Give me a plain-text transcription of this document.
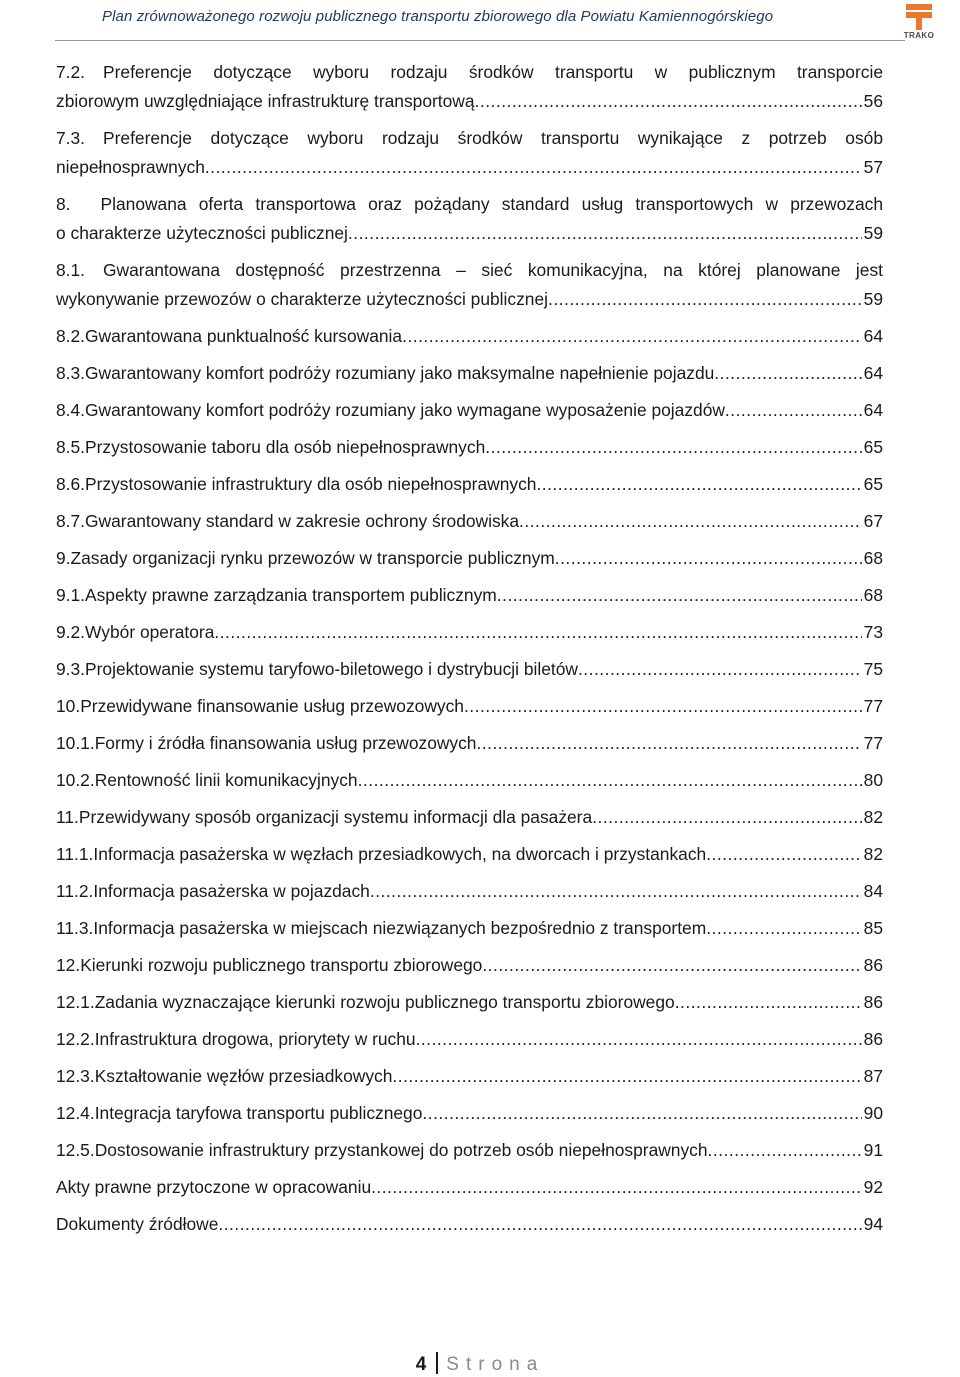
Plan zrównoważonego rozwoju publicznego transportu zbiorowego dla Powiatu Kamiennogórskiego
TRAKO
7.2. Preferencje dotyczące wyboru rodzaju środków transportu w publicznym transporcie
zbiorowym uwzględniające infrastrukturę transportową .....	56
7.3. Preferencje dotyczące wyboru rodzaju środków transportu wynikające z potrzeb osób
niepełnosprawnych .....	57
8. Planowana oferta transportowa oraz pożądany standard usług transportowych w przewozach
o charakterze użyteczności publicznej .....	59
8.1. Gwarantowana dostępność przestrzenna – sieć komunikacyjna, na której planowane jest
wykonywanie przewozów o charakterze użyteczności publicznej .....	59
8.2. Gwarantowana punktualność kursowania .....	64
8.3. Gwarantowany komfort podróży rozumiany jako maksymalne napełnienie pojazdu .....	64
8.4. Gwarantowany komfort podróży rozumiany jako wymagane wyposażenie pojazdów .....	64
8.5. Przystosowanie taboru dla osób niepełnosprawnych .....	65
8.6. Przystosowanie infrastruktury dla osób niepełnosprawnych .....	65
8.7. Gwarantowany standard w zakresie ochrony środowiska .....	67
9. Zasady organizacji rynku przewozów w transporcie publicznym .....	68
9.1. Aspekty prawne zarządzania transportem publicznym .....	68
9.2. Wybór operatora .....	73
9.3. Projektowanie systemu taryfowo-biletowego i dystrybucji biletów .....	75
10. Przewidywane finansowanie usług przewozowych .....	77
10.1. Formy i źródła finansowania usług przewozowych .....	77
10.2. Rentowność linii komunikacyjnych .....	80
11. Przewidywany sposób organizacji systemu informacji dla pasażera .....	82
11.1. Informacja pasażerska w węzłach przesiadkowych, na dworcach i przystankach .....	82
11.2. Informacja pasażerska w pojazdach .....	84
11.3. Informacja pasażerska w miejscach niezwiązanych bezpośrednio z transportem .....	85
12. Kierunki rozwoju publicznego transportu zbiorowego .....	86
12.1. Zadania wyznaczające kierunki rozwoju publicznego transportu zbiorowego .....	86
12.2. Infrastruktura drogowa, priorytety w ruchu .....	86
12.3. Kształtowanie węzłów przesiadkowych .....	87
12.4. Integracja taryfowa transportu publicznego .....	90
12.5. Dostosowanie infrastruktury przystankowej do potrzeb osób niepełnosprawnych .....	91
Akty prawne przytoczone w opracowaniu .....	92
Dokumenty źródłowe .....	94
4 Strona
